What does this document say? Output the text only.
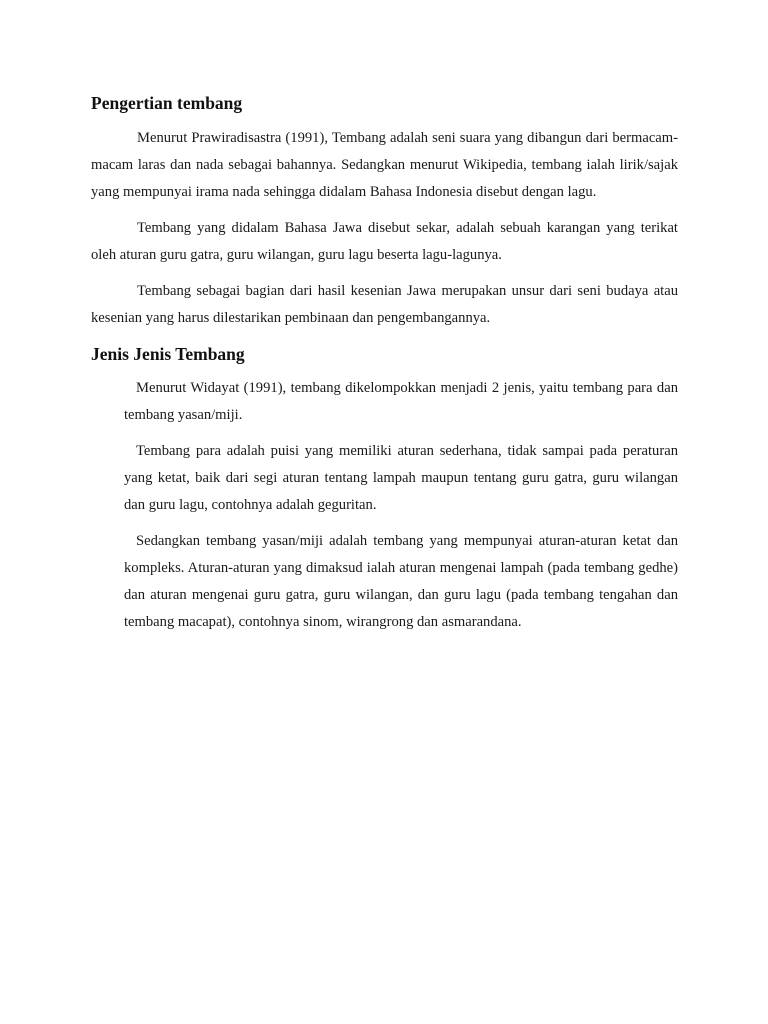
Pengertian tembang

Menurut Prawiradisastra (1991), Tembang adalah seni suara yang dibangun dari bermacam-macam laras dan nada sebagai bahannya. Sedangkan menurut Wikipedia, tembang ialah lirik/sajak yang mempunyai irama nada sehingga didalam Bahasa Indonesia disebut dengan lagu.

Tembang yang didalam Bahasa Jawa disebut sekar, adalah sebuah karangan yang terikat oleh aturan guru gatra, guru wilangan, guru lagu beserta lagu-lagunya.

Tembang sebagai bagian dari hasil kesenian Jawa merupakan unsur dari seni budaya atau kesenian yang harus dilestarikan pembinaan dan pengembangannya.

Jenis Jenis Tembang

Menurut Widayat (1991), tembang dikelompokkan menjadi 2 jenis, yaitu tembang para dan tembang yasan/miji.

Tembang para adalah puisi yang memiliki aturan sederhana, tidak sampai pada peraturan yang ketat, baik dari segi aturan tentang lampah maupun tentang guru gatra, guru wilangan dan guru lagu, contohnya adalah geguritan.

Sedangkan tembang yasan/miji adalah tembang yang mempunyai aturan-aturan ketat dan kompleks. Aturan-aturan yang dimaksud ialah aturan mengenai lampah (pada tembang gedhe) dan aturan mengenai guru gatra, guru wilangan, dan guru lagu (pada tembang tengahan dan tembang macapat), contohnya sinom, wirangrong dan asmarandana.
